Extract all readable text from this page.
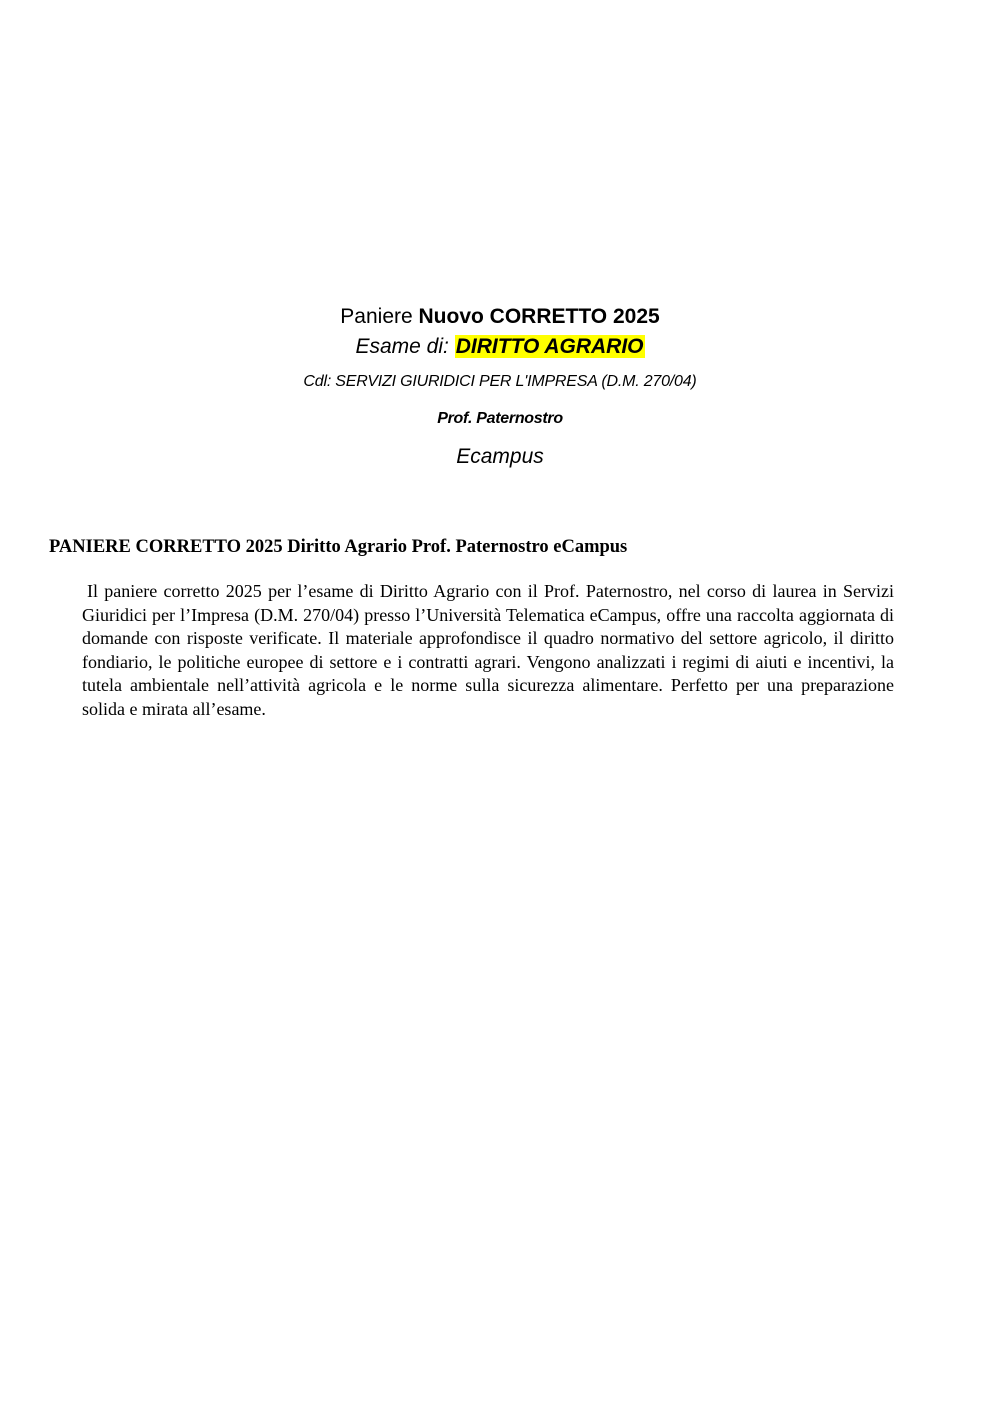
Paniere Nuovo CORRETTO 2025
Esame di: DIRITTO AGRARIO
Cdl: SERVIZI GIURIDICI PER L'IMPRESA (D.M. 270/04)
Prof. Paternostro
Ecampus
PANIERE CORRETTO 2025 Diritto Agrario Prof. Paternostro eCampus

Il paniere corretto 2025 per l’esame di Diritto Agrario con il Prof. Paternostro, nel corso di laurea in Servizi Giuridici per l’Impresa (D.M. 270/04) presso l’Università Telematica eCampus, offre una raccolta aggiornata di domande con risposte verificate. Il materiale approfondisce il quadro normativo del settore agricolo, il diritto fondiario, le politiche europee di settore e i contratti agrari. Vengono analizzati i regimi di aiuti e incentivi, la tutela ambientale nell’attività agricola e le norme sulla sicurezza alimentare. Perfetto per una preparazione solida e mirata all’esame.
